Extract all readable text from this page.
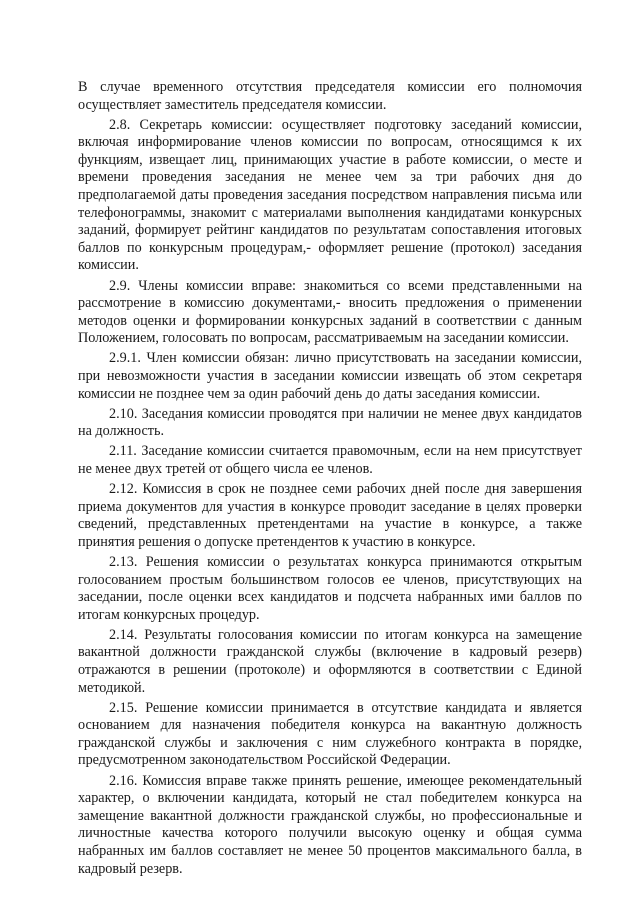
В случае временного отсутствия председателя комиссии его полномочия осуществляет заместитель председателя комиссии.

2.8. Секретарь комиссии: осуществляет подготовку заседаний комиссии, включая информирование членов комиссии по вопросам, относящимся к их функциям, извещает лиц, принимающих участие в работе комиссии, о месте и времени проведения заседания не менее чем за три рабочих дня до предполагаемой даты проведения заседания посредством направления письма или телефонограммы, знакомит с материалами выполнения кандидатами конкурсных заданий, формирует рейтинг кандидатов по результатам сопоставления итоговых баллов по конкурсным процедурам,- оформляет решение (протокол) заседания комиссии.

2.9. Члены комиссии вправе: знакомиться со всеми представленными на рассмотрение в комиссию документами,- вносить предложения о применении методов оценки и формировании конкурсных заданий в соответствии с данным Положением, голосовать по вопросам, рассматриваемым на заседании комиссии.

2.9.1. Член комиссии обязан: лично присутствовать на заседании комиссии, при невозможности участия в заседании комиссии извещать об этом секретаря комиссии не позднее чем за один рабочий день до даты заседания комиссии.

2.10. Заседания комиссии проводятся при наличии не менее двух кандидатов на должность.

2.11. Заседание комиссии считается правомочным, если на нем присутствует не менее двух третей от общего числа ее членов.

2.12. Комиссия в срок не позднее семи рабочих дней после дня завершения приема документов для участия в конкурсе проводит заседание в целях проверки сведений, представленных претендентами на участие в конкурсе, а также принятия решения о допуске претендентов к участию в конкурсе.

2.13. Решения комиссии о результатах конкурса принимаются открытым голосованием простым большинством голосов ее членов, присутствующих на заседании, после оценки всех кандидатов и подсчета набранных ими баллов по итогам конкурсных процедур.

2.14. Результаты голосования комиссии по итогам конкурса на замещение вакантной должности гражданской службы (включение в кадровый резерв) отражаются в решении (протоколе) и оформляются в соответствии с Единой методикой.

2.15. Решение комиссии принимается в отсутствие кандидата и является основанием для назначения победителя конкурса на вакантную должность гражданской службы и заключения с ним служебного контракта в порядке, предусмотренном законодательством Российской Федерации.

2.16. Комиссия вправе также принять решение, имеющее рекомендательный характер, о включении кандидата, который не стал победителем конкурса на замещение вакантной должности гражданской службы, но профессиональные и личностные качества которого получили высокую оценку и общая сумма набранных им баллов составляет не менее 50 процентов максимального балла, в кадровый резерв.
